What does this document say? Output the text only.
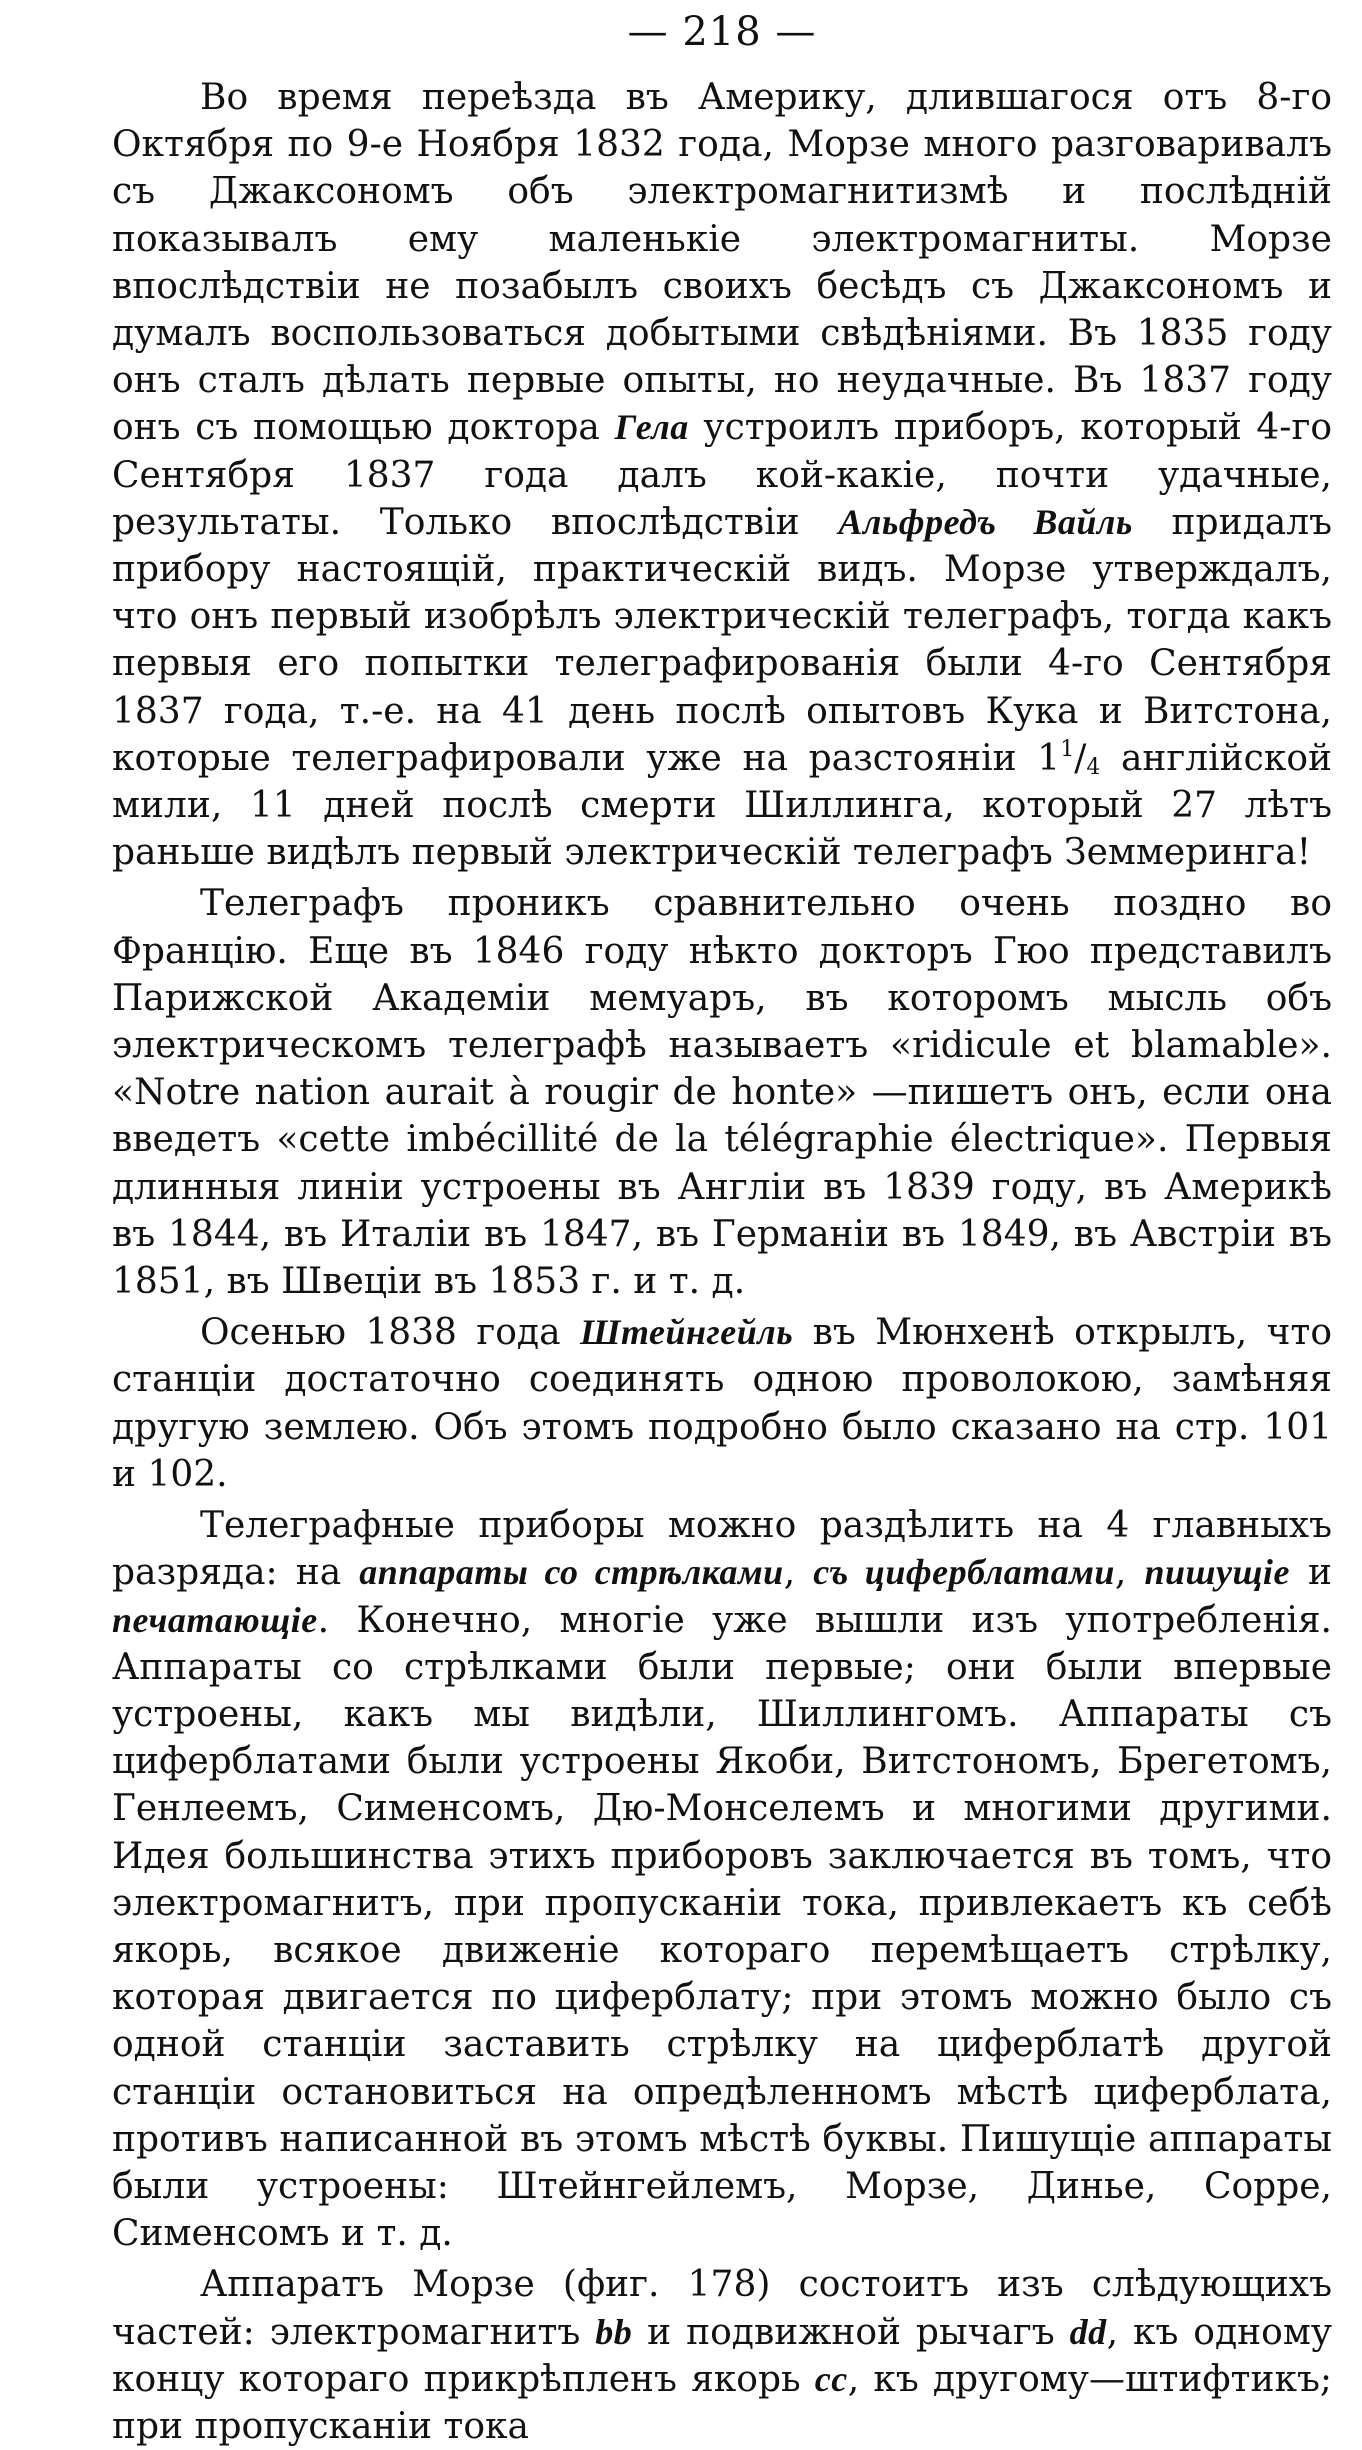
— 218 —

Во время переѣзда въ Америку, длившагося отъ 8-го Октября по 9-е Ноября 1832 года, Морзе много разговаривалъ съ Джаксономъ объ электромагнитизмѣ и послѣдній показывалъ ему маленькіе электромагниты. Морзе впослѣдствіи не позабылъ своихъ бесѣдъ съ Джаксономъ и думалъ воспользоваться добытыми свѣдѣніями. Въ 1835 году онъ сталъ дѣлать первые опыты, но неудачные. Въ 1837 году онъ съ помощью доктора Гела устроилъ приборъ, который 4-го Сентября 1837 года далъ кой-какіе, почти удачные, результаты. Только впослѣдствіи Альфредъ Вайль придалъ прибору настоящій, практическій видъ. Морзе утверждалъ, что онъ первый изобрѣлъ электрическій телеграфъ, тогда какъ первыя его попытки телеграфированія были 4-го Сентября 1837 года, т.-е. на 41 день послѣ опытовъ Кука и Витстона, которые телеграфировали уже на разстояніи $1^1/4$ англійской мили, 11 дней послѣ смерти Шиллинга, который 27 лѣтъ раньше видѣлъ первый электрическій телеграфъ Земмеринга!

Телеграфъ проникъ сравнительно очень поздно во Францію. Еще въ 1846 году нѣкто докторъ Гюо представилъ Парижской Академіи мемуаръ, въ которомъ мысль объ электрическомъ телеграфѣ называетъ «ridicule et blamable». «Notre nation aurait à rougir de honte» —пишетъ онъ, если она введетъ «cette imbécillité de la télégraphie électrique». Первыя длинныя линіи устроены въ Англіи въ 1839 году, въ Америкѣ въ 1844, въ Италіи въ 1847, въ Германіи въ 1849, въ Австріи въ 1851, въ Швеціи въ 1853 г. и т. д.

Осенью 1838 года Штейнгейль въ Мюнхенѣ открылъ, что станціи достаточно соединять одною проволокою, замѣняя другую землею. Объ этомъ подробно было сказано на стр. 101 и 102.

Телеграфные приборы можно раздѣлить на 4 главныхъ разряда: на аппараты со стрѣлками, съ циферблатами, пишущіе и печатающіе. Конечно, многіе уже вышли изъ употребленія. Аппараты со стрѣлками были первые; они были впервые устроены, какъ мы видѣли, Шиллингомъ. Аппараты съ циферблатами были устроены Якоби, Витстономъ, Брегетомъ, Генлеемъ, Сименсомъ, Дю-Монселемъ и многими другими. Идея большинства этихъ приборовъ заключается въ томъ, что электромагнитъ, при пропусканіи тока, привлекаетъ къ себѣ якорь, всякое движеніе котораго перемѣщаетъ стрѣлку, которая двигается по циферблату; при этомъ можно было съ одной станціи заставить стрѣлку на циферблатѣ другой станціи остановиться на опредѣленномъ мѣстѣ циферблата, противъ написанной въ этомъ мѣстѣ буквы. Пишущіе аппараты были устроены: Штейнгейлемъ, Морзе, Динье, Сорре, Сименсомъ и т. д.

Аппаратъ Морзе (фиг. 178) состоитъ изъ слѣдующихъ частей: электромагнитъ bb и подвижной рычагъ dd, къ одному концу котораго прикрѣпленъ якорь cc, къ другому—штифтикъ; при пропусканіи тока
